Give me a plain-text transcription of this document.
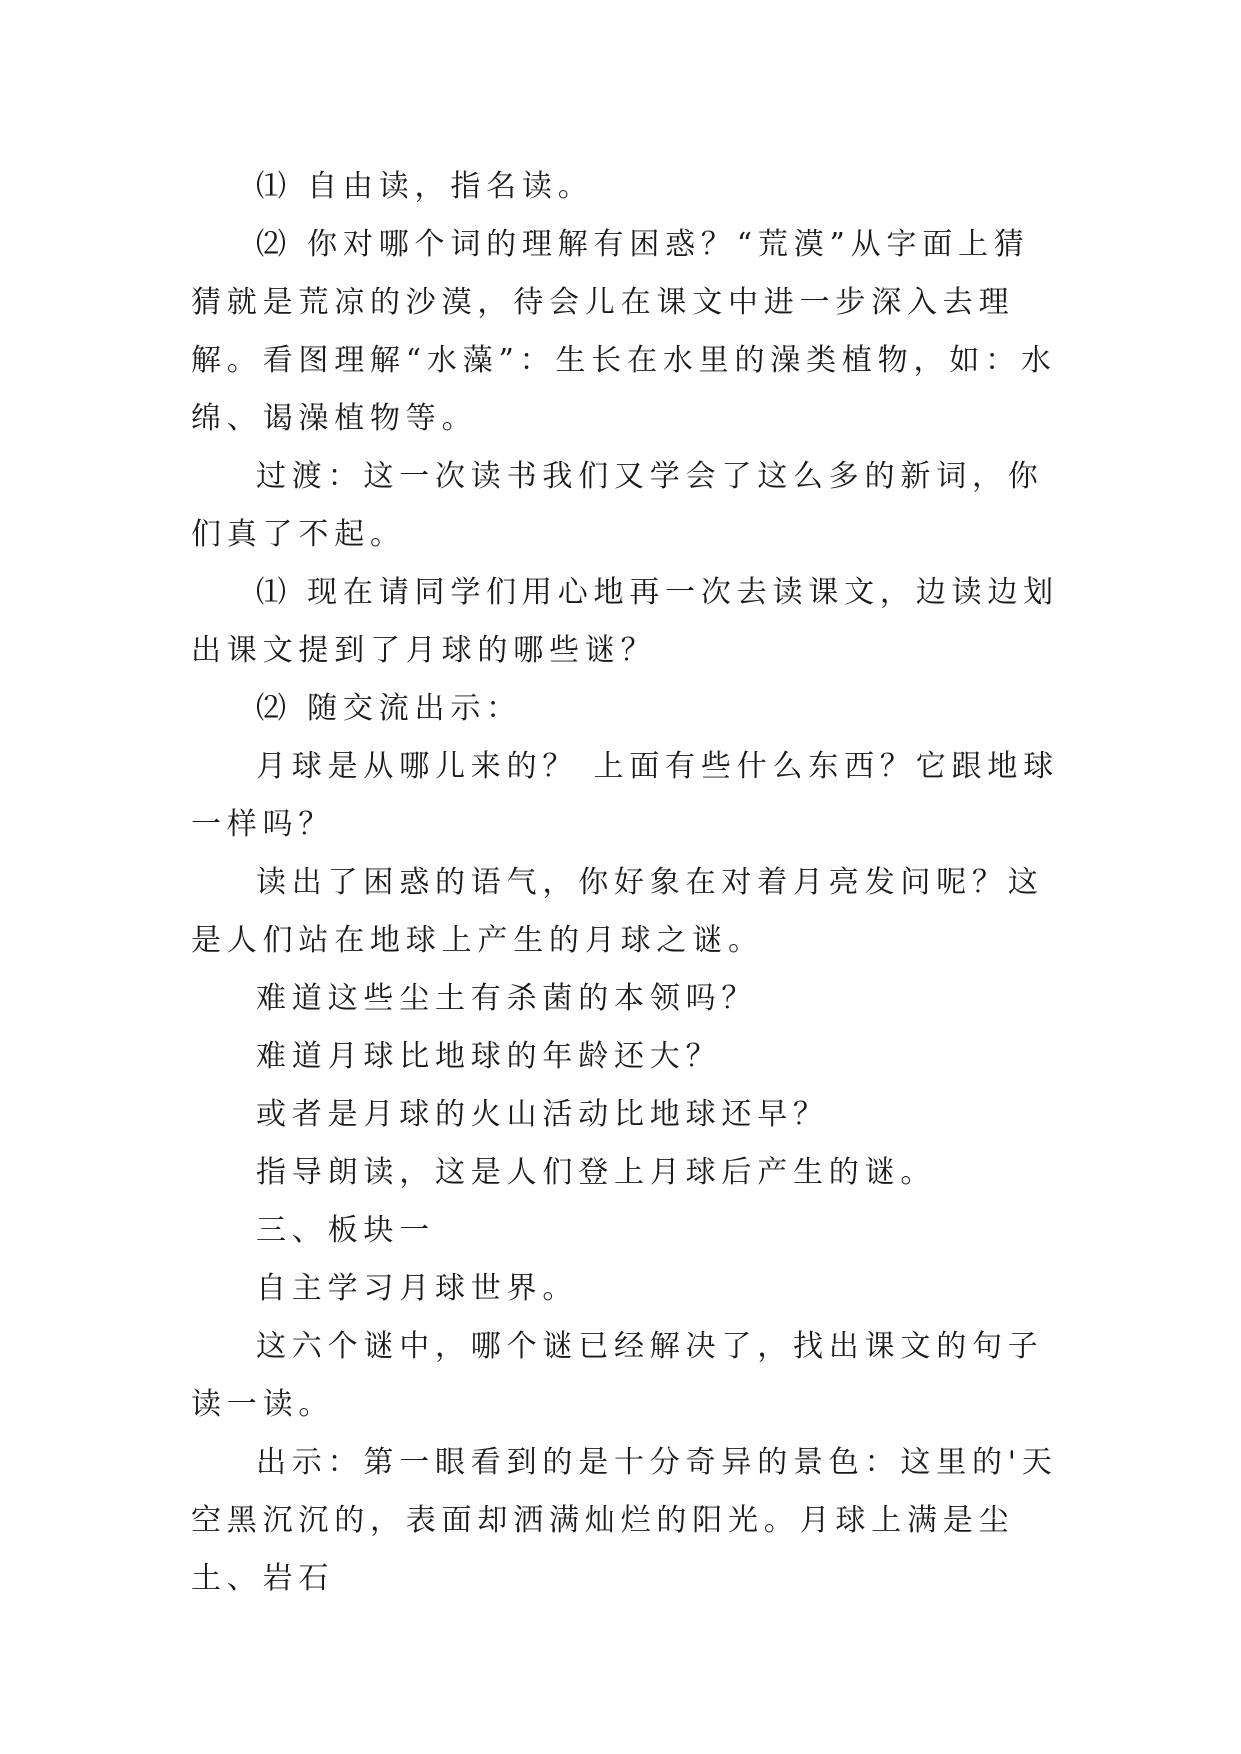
⑴ 自由读，指名读。

⑵ 你对哪个词的理解有困惑？“荒漠”从字面上猜猜就是荒凉的沙漠，待会儿在课文中进一步深入去理解。看图理解“水藻”：生长在水里的澡类植物，如：水绵、谒澡植物等。

过渡：这一次读书我们又学会了这么多的新词，你们真了不起。

⑴ 现在请同学们用心地再一次去读课文，边读边划出课文提到了月球的哪些谜？

⑵ 随交流出示：

月球是从哪儿来的？ 上面有些什么东西？它跟地球一样吗？

读出了困惑的语气，你好象在对着月亮发问呢？这是人们站在地球上产生的月球之谜。

难道这些尘土有杀菌的本领吗？

难道月球比地球的年龄还大？

或者是月球的火山活动比地球还早？

指导朗读，这是人们登上月球后产生的谜。

三、板块一

自主学习月球世界。

这六个谜中，哪个谜已经解决了，找出课文的句子读一读。

出示：第一眼看到的是十分奇异的景色：这里的'天空黑沉沉的，表面却洒满灿烂的阳光。月球上满是尘土、岩石
